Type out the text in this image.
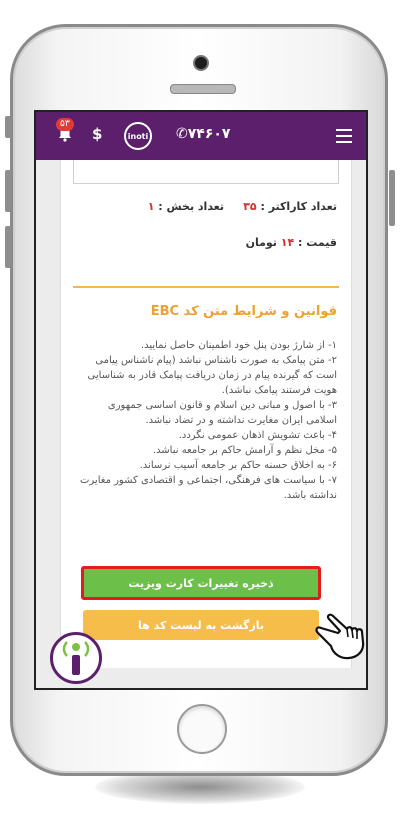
✆۷۴۶۰۷
inoti
$
۵۳
تعداد کاراکتر : ۳۵     تعداد بخش : ۱
قیمت : ۱۴ تومان
قوانین و شرایط متن کد EBC
۱- از شارژ بودن پنل خود اطمینان حاصل نمایید.
۲- متن پیامک به صورت ناشناس نباشد (پیام ناشناس پیامی است که گیرنده پیام در زمان دریافت پیامک قادر به شناسایی هویت فرستند پیامک نباشد).
۳- با اصول و مبانی دین اسلام و قانون اساسی جمهوری اسلامی ایران مغایرت نداشته و در تضاد نباشد.
۴- باعث تشویش اذهان عمومی نگردد.
۵- مخل نظم و آرامش حاکم بر جامعه نباشد.
۶- به اخلاق حسنه حاکم بر جامعه آسیب نرساند.
۷- با سیاست های فرهنگی، اجتماعی و اقتصادی کشور مغایرت نداشته باشد.
ذخیره تغییرات کارت ویزیت
بازگشت به لیست کد ها
